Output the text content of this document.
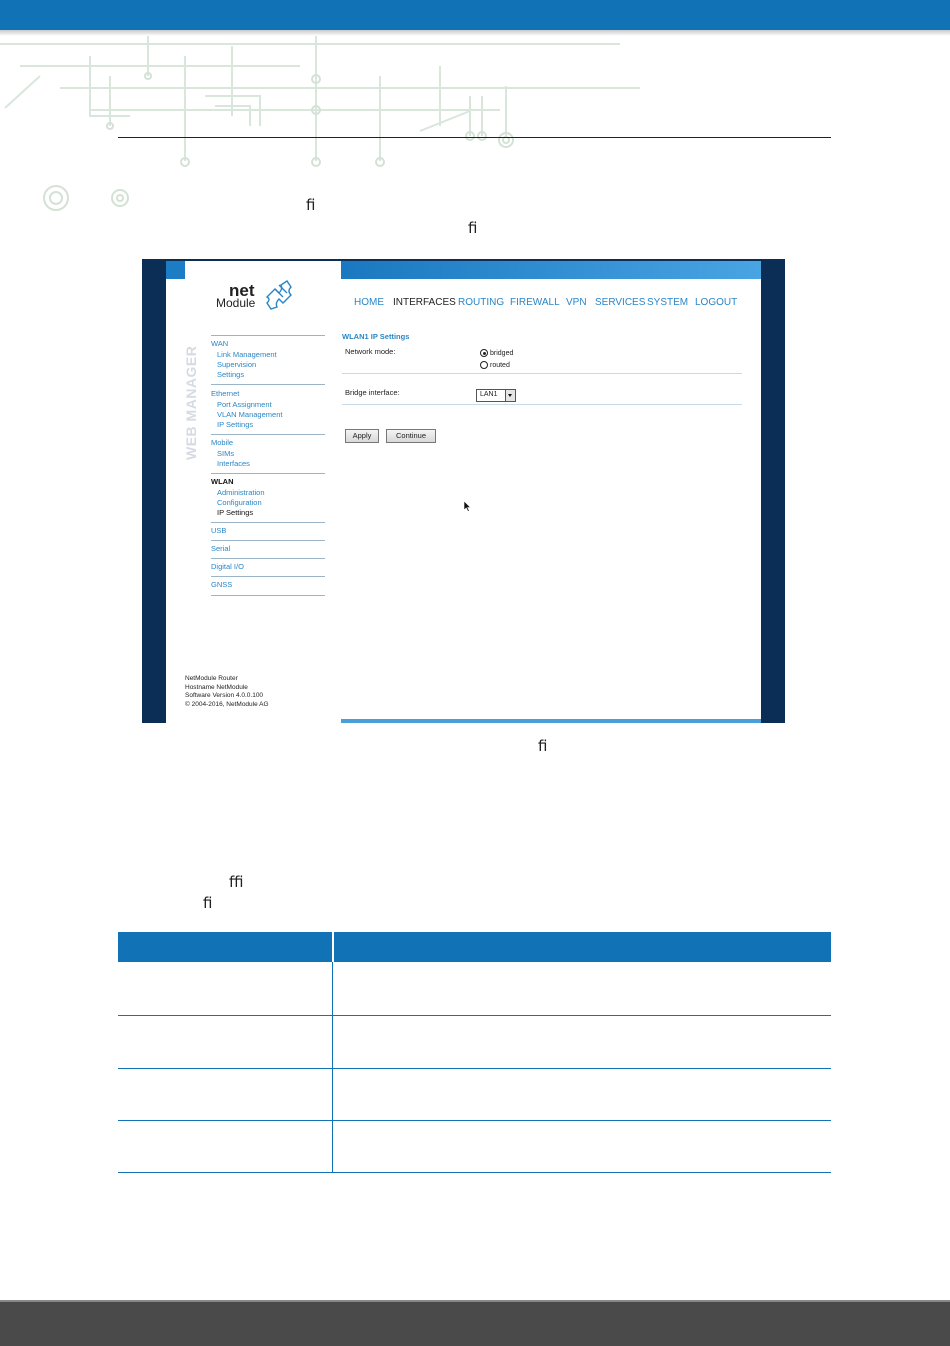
ﬁ
ﬁ
net
Module
WEB MANAGER
HOME INTERFACES ROUTING FIREWALL VPN SERVICES SYSTEM LOGOUT
WAN
Link Management
Supervision
Settings
Ethernet
Port Assignment
VLAN Management
IP Settings
Mobile
SIMs
Interfaces
WLAN
Administration
Configuration
IP Settings
USB
Serial
Digital I/O
GNSS
NetModule Router
Hostname NetModule
Software Version 4.0.0.100
© 2004-2016, NetModule AG
WLAN1 IP Settings
Network mode:	bridged
routed
Bridge interface:	LAN1
Apply	Continue
ﬁ
ﬃ
ﬁ
